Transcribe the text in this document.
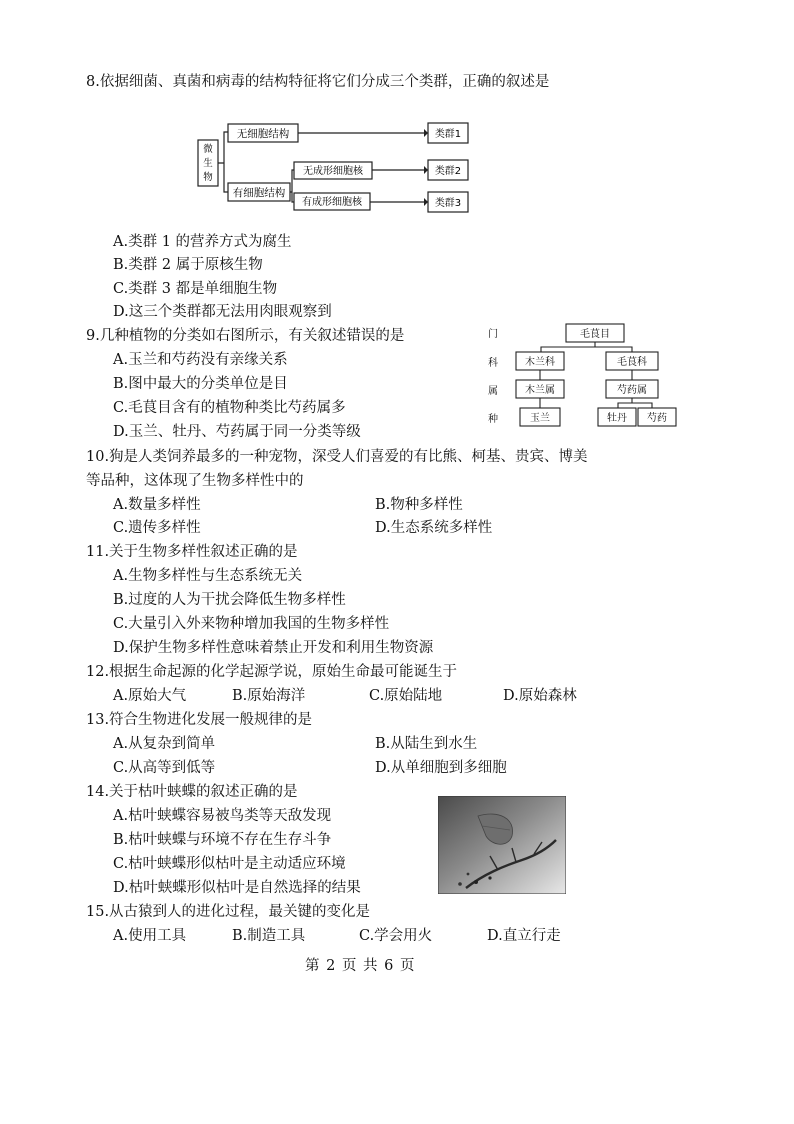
8.依据细菌、真菌和病毒的结构特征将它们分成三个类群，正确的叙述是
微
生
物
无细胞结构
有细胞结构
无成形细胞核
有成形细胞核
类群1
类群2
类群3
A.类群 1 的营养方式为腐生
B.类群 2 属于原核生物
C.类群 3 都是单细胞生物
D.这三个类群都无法用肉眼观察到
9.几种植物的分类如右图所示，有关叙述错误的是	门
科
属
种
毛茛目
木兰科	毛茛科
木兰属	芍药属
玉兰	牡丹 芍药
A.玉兰和芍药没有亲缘关系
B.图中最大的分类单位是目
C.毛茛目含有的植物种类比芍药属多
D.玉兰、牡丹、芍药属于同一分类等级
10.狗是人类饲养最多的一种宠物，深受人们喜爱的有比熊、柯基、贵宾、博美
等品种，这体现了生物多样性中的
A.数量多样性	B.物种多样性
C.遗传多样性	D.生态系统多样性
11.关于生物多样性叙述正确的是
A.生物多样性与生态系统无关
B.过度的人为干扰会降低生物多样性
C.大量引入外来物种增加我国的生物多样性
D.保护生物多样性意味着禁止开发和利用生物资源
12.根据生命起源的化学起源学说，原始生命最可能诞生于
A.原始大气	B.原始海洋	C.原始陆地	D.原始森林
13.符合生物进化发展一般规律的是
A.从复杂到简单	B.从陆生到水生
C.从高等到低等	D.从单细胞到多细胞
14.关于枯叶蛱蝶的叙述正确的是
A.枯叶蛱蝶容易被鸟类等天敌发现
B.枯叶蛱蝶与环境不存在生存斗争
C.枯叶蛱蝶形似枯叶是主动适应环境
D.枯叶蛱蝶形似枯叶是自然选择的结果
15.从古猿到人的进化过程，最关键的变化是
A.使用工具	B.制造工具	C.学会用火	D.直立行走
第 2 页 共 6 页
